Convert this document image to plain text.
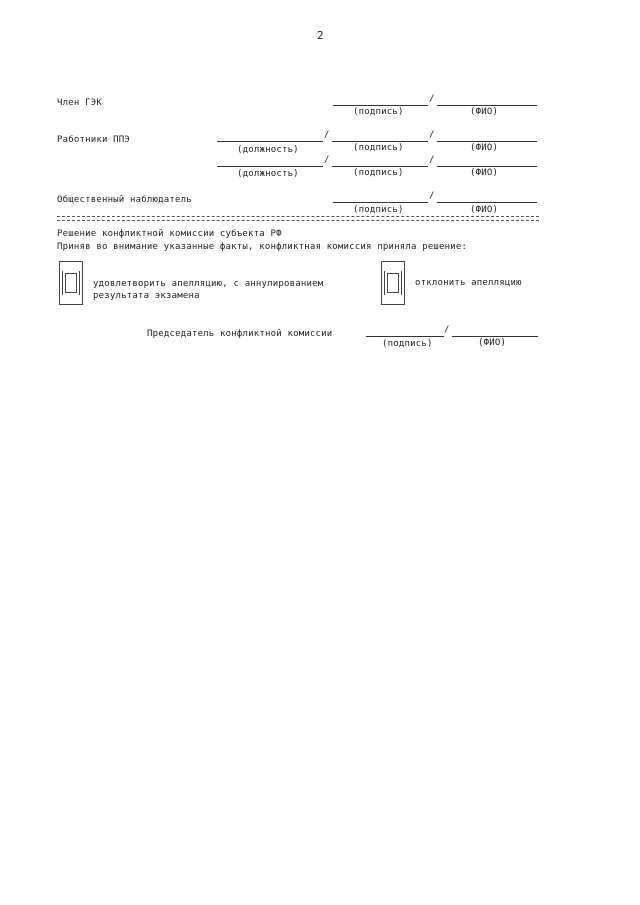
2
Член ГЭК	/
(подпись)	(ФИО)
Работники ППЭ	/	/
(должность)	(подпись)	(ФИО)
/	/
(должность)	(подпись)	(ФИО)
Общественный наблюдатель	/
(подпись)	(ФИО)
Решение конфликтной комиссии субъекта РФ
Приняв во внимание указанные факты, конфликтная комиссия приняла решение:
удовлетворить апелляцию, с аннулированием
результата экзамена
отклонить апелляцию
Председатель конфликтной комиссии	/
(подпись)	(ФИО)
